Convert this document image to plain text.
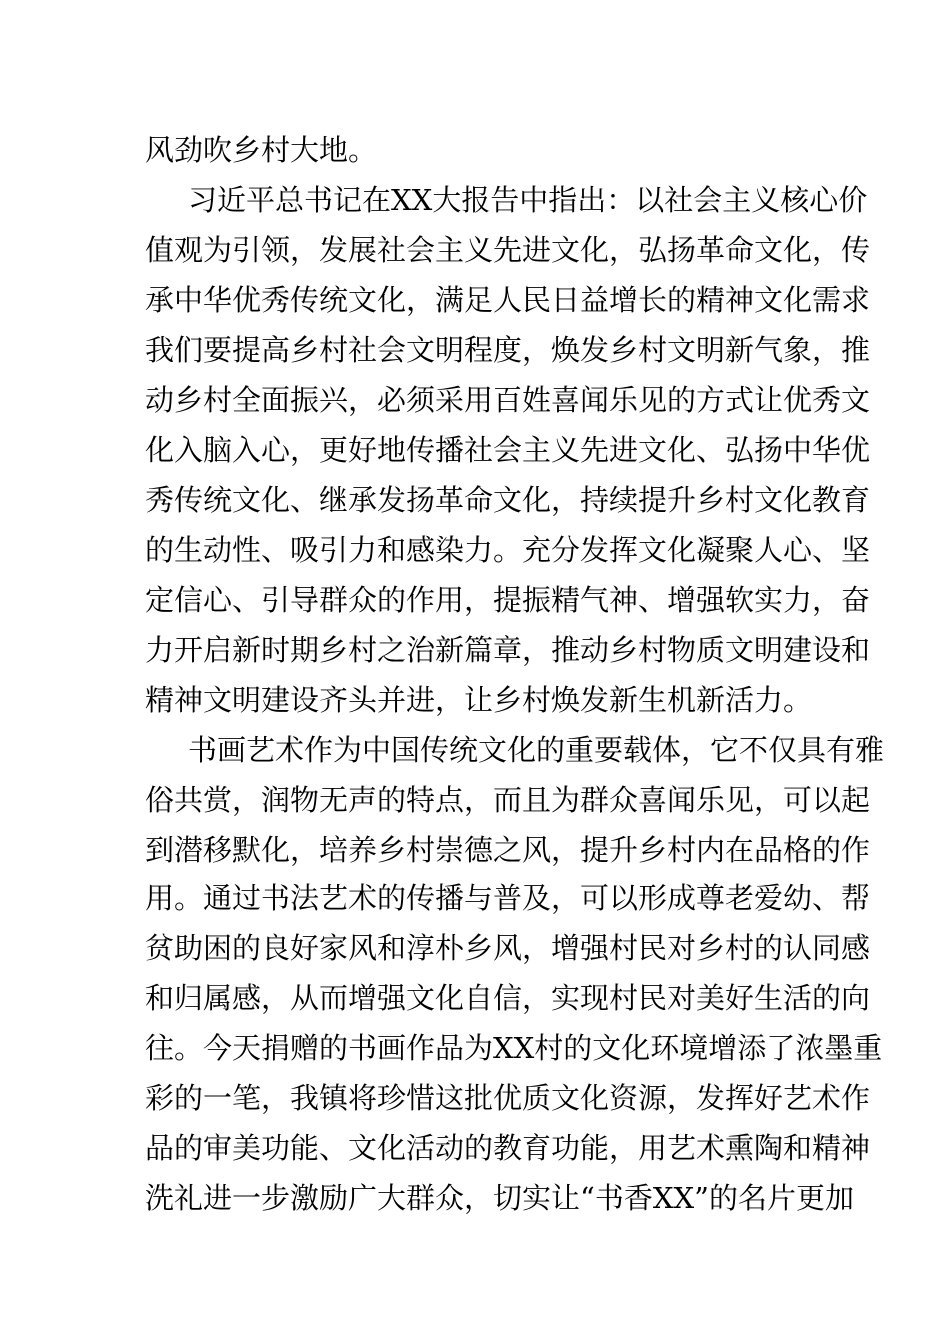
风劲吹乡村大地。
习近平总书记在XX大报告中指出：以社会主义核心价
值观为引领，发展社会主义先进文化，弘扬革命文化，传
承中华优秀传统文化，满足人民日益增长的精神文化需求
我们要提高乡村社会文明程度，焕发乡村文明新气象，推
动乡村全面振兴，必须采用百姓喜闻乐见的方式让优秀文
化入脑入心，更好地传播社会主义先进文化、弘扬中华优
秀传统文化、继承发扬革命文化，持续提升乡村文化教育
的生动性、吸引力和感染力。充分发挥文化凝聚人心、坚
定信心、引导群众的作用，提振精气神、增强软实力，奋
力开启新时期乡村之治新篇章，推动乡村物质文明建设和
精神文明建设齐头并进，让乡村焕发新生机新活力。
书画艺术作为中国传统文化的重要载体，它不仅具有雅
俗共赏，润物无声的特点，而且为群众喜闻乐见，可以起
到潜移默化，培养乡村崇德之风，提升乡村内在品格的作
用。通过书法艺术的传播与普及，可以形成尊老爱幼、帮
贫助困的良好家风和淳朴乡风，增强村民对乡村的认同感
和归属感，从而增强文化自信，实现村民对美好生活的向
往。今天捐赠的书画作品为XX村的文化环境增添了浓墨重
彩的一笔，我镇将珍惜这批优质文化资源，发挥好艺术作
品的审美功能、文化活动的教育功能，用艺术熏陶和精神
洗礼进一步激励广大群众，切实让“书香XX”的名片更加
